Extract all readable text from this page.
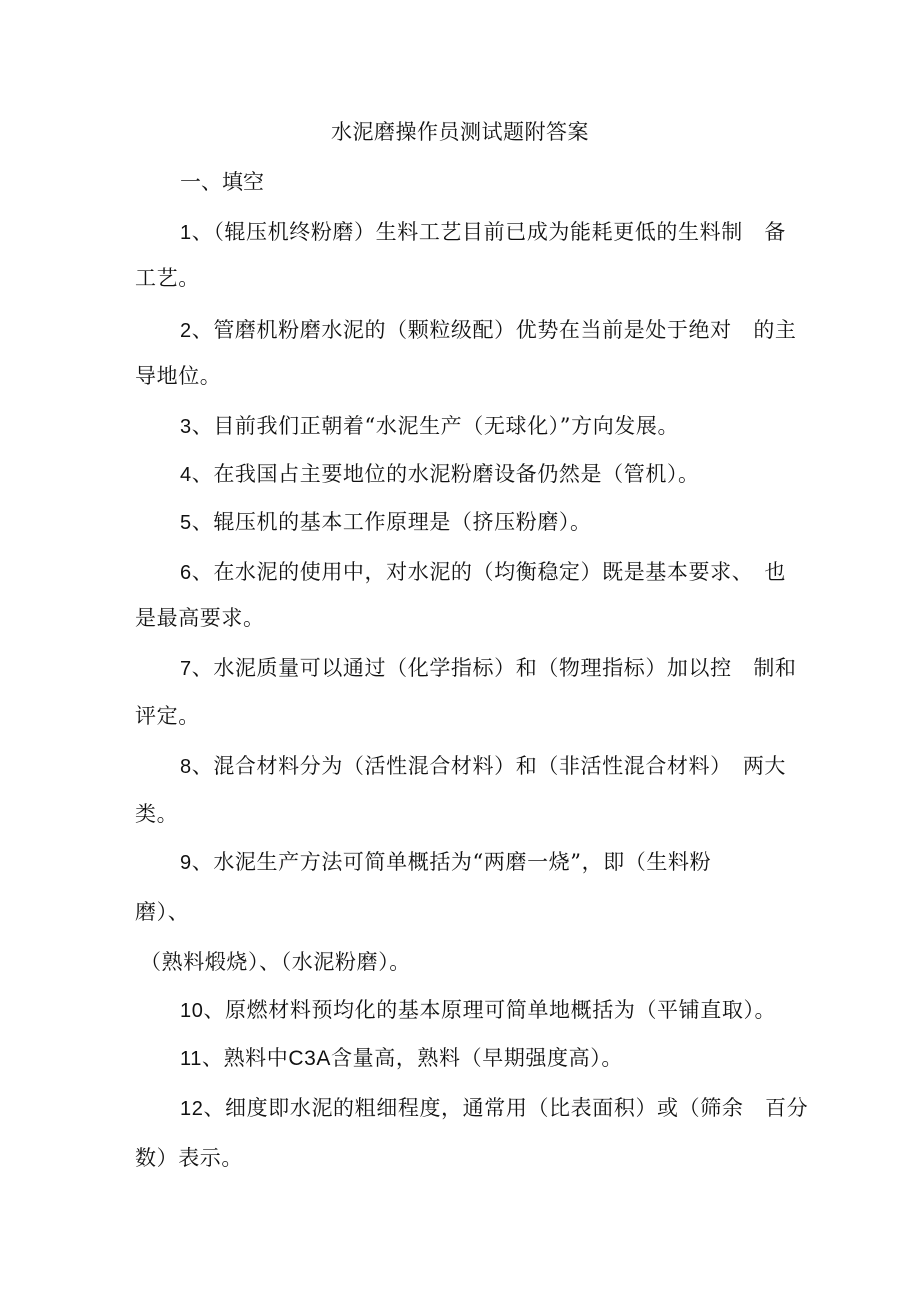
水泥磨操作员测试题附答案
一、填空
1、（辊压机终粉磨）生料工艺目前已成为能耗更低的生料制　备
工艺。
2、管磨机粉磨水泥的（颗粒级配）优势在当前是处于绝对　的主
导地位。
3、目前我们正朝着“水泥生产（无球化）”方向发展。
4、在我国占主要地位的水泥粉磨设备仍然是（管机）。
5、辊压机的基本工作原理是（挤压粉磨）。
6、在水泥的使用中，对水泥的（均衡稳定）既是基本要求、　也
是最高要求。
7、水泥质量可以通过（化学指标）和（物理指标）加以控　制和
评定。
8、混合材料分为（活性混合材料）和（非活性混合材料）　两大
类。
9、水泥生产方法可简单概括为“两磨一烧”，即（生料粉
磨）、
（熟料煅烧）、（水泥粉磨）。
10、原燃材料预均化的基本原理可简单地概括为（平铺直取）。
11、熟料中C3A含量高，熟料（早期强度高）。
12、细度即水泥的粗细程度，通常用（比表面积）或（筛余　百分
数）表示。
